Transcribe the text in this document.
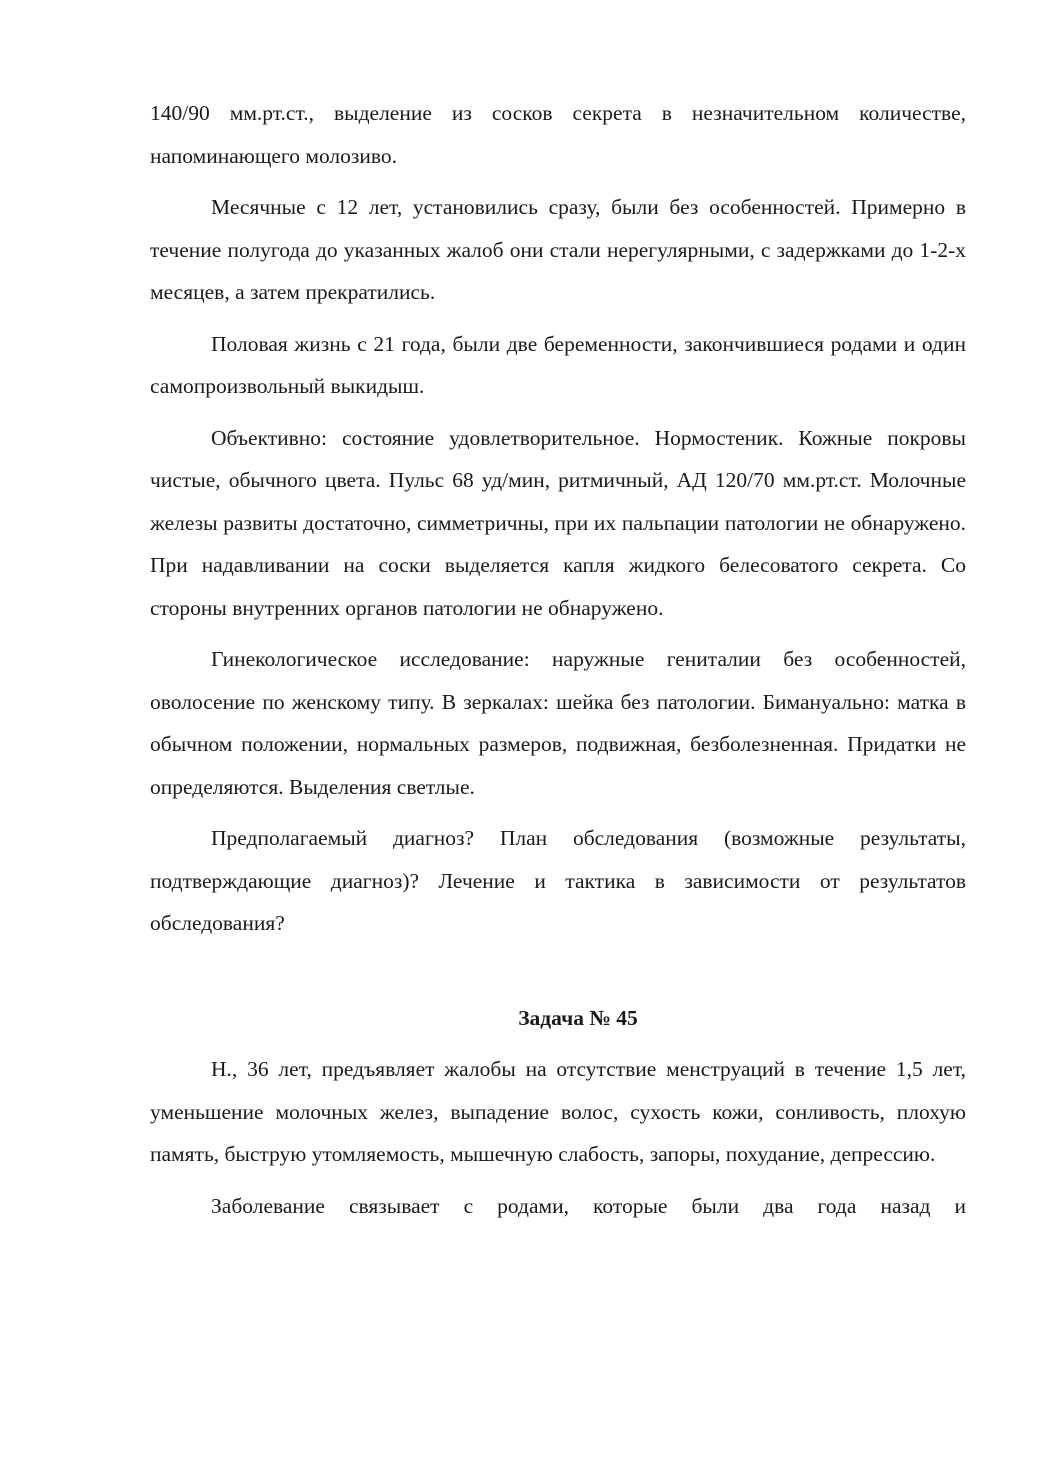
140/90 мм.рт.ст., выделение из сосков секрета в незначительном количестве, напоминающего молозиво.

Месячные с 12 лет, установились сразу, были без особенностей. Примерно в течение полугода до указанных жалоб они стали нерегулярными, с задержками до 1-2-х месяцев, а затем прекратились.

Половая жизнь с 21 года, были две беременности, закончившиеся родами и один самопроизвольный выкидыш.

Объективно: состояние удовлетворительное. Нормостеник. Кожные покровы чистые, обычного цвета. Пульс 68 уд/мин, ритмичный, АД 120/70 мм.рт.ст. Молочные железы развиты достаточно, симметричны, при их пальпации патологии не обнаружено. При надавливании на соски выделяется капля жидкого белесоватого секрета. Со стороны внутренних органов патологии не обнаружено.

Гинекологическое исследование: наружные гениталии без особенностей, оволосение по женскому типу. В зеркалах: шейка без патологии. Бимануально: матка в обычном положении, нормальных размеров, подвижная, безболезненная. Придатки не определяются. Выделения светлые.

Предполагаемый диагноз? План обследования (возможные результаты, подтверждающие диагноз)? Лечение и тактика в зависимости от результатов обследования?

Задача № 45

Н., 36 лет, предъявляет жалобы на отсутствие менструаций в течение 1,5 лет, уменьшение молочных желез, выпадение волос, сухость кожи, сонливость, плохую память, быструю утомляемость, мышечную слабость, запоры, похудание, депрессию.

Заболевание связывает с родами, которые были два года назад и
